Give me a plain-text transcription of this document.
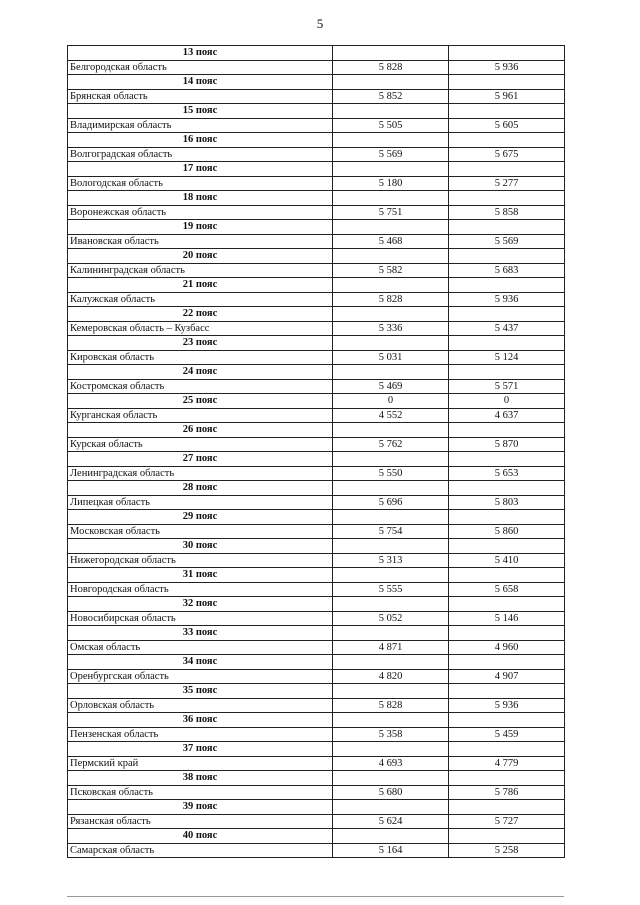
5
13 пояс		
Белгородская область	5 828	5 936
14 пояс		
Брянская область	5 852	5 961
15 пояс		
Владимирская область	5 505	5 605
16 пояс		
Волгоградская область	5 569	5 675
17 пояс		
Вологодская область	5 180	5 277
18 пояс		
Воронежская область	5 751	5 858
19 пояс		
Ивановская область	5 468	5 569
20 пояс		
Калининградская область	5 582	5 683
21 пояс		
Калужская область	5 828	5 936
22 пояс		
Кемеровская область – Кузбасс	5 336	5 437
23 пояс		
Кировская область	5 031	5 124
24 пояс		
Костромская область	5 469	5 571
25 пояс	0	0
Курганская область	4 552	4 637
26 пояс		
Курская область	5 762	5 870
27 пояс		
Ленинградская область	5 550	5 653
28 пояс		
Липецкая область	5 696	5 803
29 пояс		
Московская область	5 754	5 860
30 пояс		
Нижегородская область	5 313	5 410
31 пояс		
Новгородская область	5 555	5 658
32 пояс		
Новосибирская область	5 052	5 146
33 пояс		
Омская область	4 871	4 960
34 пояс		
Оренбургская область	4 820	4 907
35 пояс		
Орловская область	5 828	5 936
36 пояс		
Пензенская область	5 358	5 459
37 пояс		
Пермский край	4 693	4 779
38 пояс		
Псковская область	5 680	5 786
39 пояс		
Рязанская область	5 624	5 727
40 пояс		
Самарская область	5 164	5 258
